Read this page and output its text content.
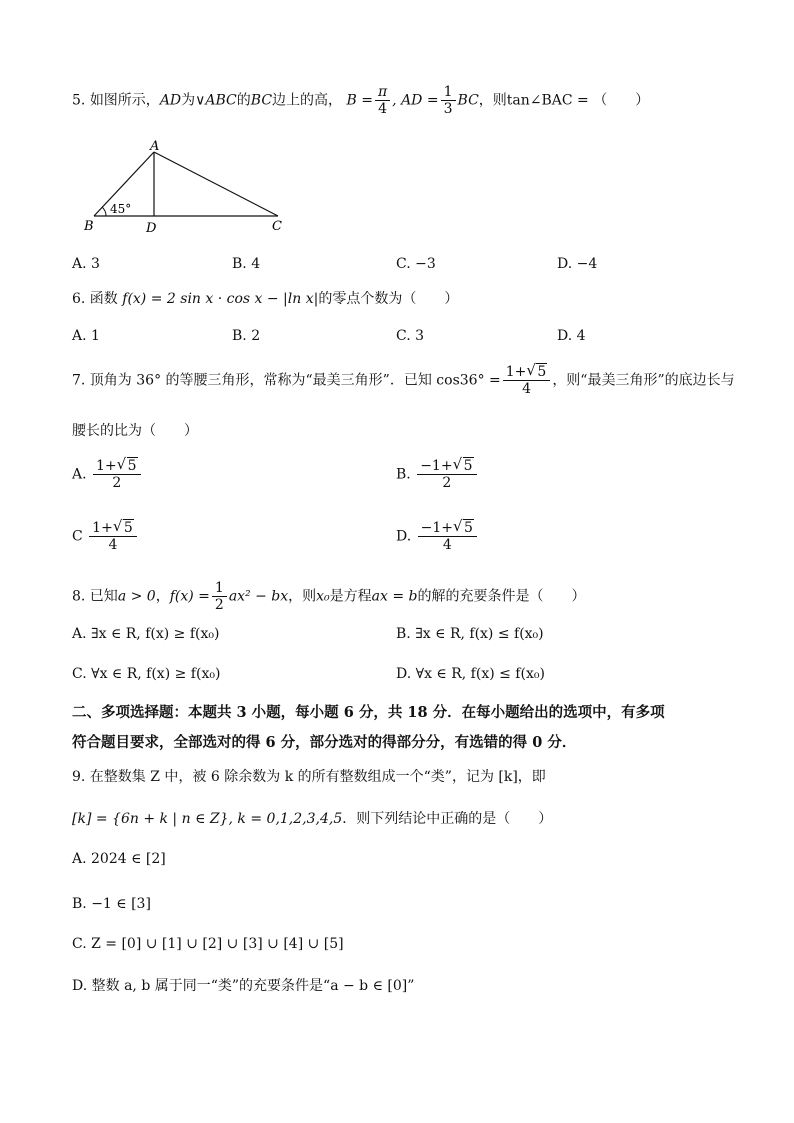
5. 如图所示，AD为∨ABC的BC边上的高， $B = \frac{\pi}{4}$ , AD = $\frac{1}{3}$ BC，则tan∠BAC = （　　）
A
B	D	C
45°
A. 3	B. 4	C. −3	D. −4
6. 函数 f(x) = 2 sin x · cos x − |ln x|的零点个数为（　　）
A. 1	B. 2	C. 3	D. 4
7. 顶角为 36° 的等腰三角形，常称为“最美三角形”．已知 $\cos 36^\circ = \frac{1+ √ 5}{4}$ ，则“最美三角形”的底边长与
腰长的比为（　　）
A. $\frac{1+ √ 5}{2}$	B. $\frac{-1+ √ 5}{2}$
C $\frac{1+ √ 5}{4}$	D. $\frac{-1+ √ 5}{4}$
8. 已知a > 0，$f(x) = \frac{1}{2} ax^2$ − bx，则x₀是方程ax = b的解的充要条件是（　　）
A. ∃x ∈ R, f(x) ≥ f(x₀)	B. ∃x ∈ R, f(x) ≤ f(x₀)
C. ∀x ∈ R, f(x) ≥ f(x₀)	D. ∀x ∈ R, f(x) ≤ f(x₀)
二、多项选择题：本题共 3 小题，每小题 6 分，共 18 分．在每小题给出的选项中，有多项
符合题目要求，全部选对的得 6 分，部分选对的得部分分，有选错的得 0 分．
9. 在整数集 Z 中，被 6 除余数为 k 的所有整数组成一个“类”，记为 [k]，即
[k] = {6n + k | n ∈ Z}, k = 0,1,2,3,4,5．则下列结论中正确的是（　　）
A. 2024 ∈ [2]
B. −1 ∈ [3]
C. Z = [0] ∪ [1] ∪ [2] ∪ [3] ∪ [4] ∪ [5]
D. 整数 a, b 属于同一“类”的充要条件是“a − b ∈ [0]”
